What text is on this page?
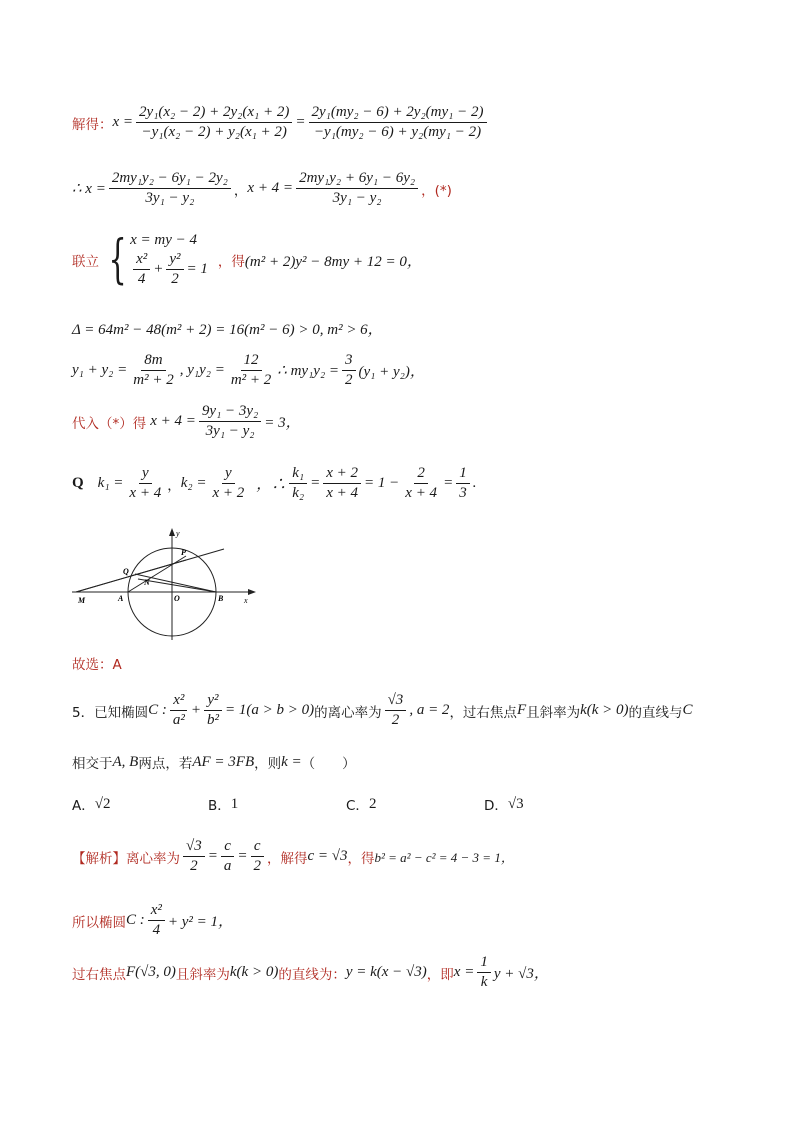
解得： $x = \frac{\text{2y₁(x₂ − 2) + 2y₂(x₁ + 2)}}{\text{−y₁(x₂ − 2) + y₂(x₁ + 2)}} = \frac{\text{2y₁(my₂ − 6) + 2y₂(my₁ − 2)}}{\text{−y₁(my₂ − 6) + y₂(my₁ − 2)}}$
∴ $x = \frac{\text{2my₁y₂ − 6y₁ − 2y₂}}{\text{3y₁ − y₂}}$ ， $x + 4 = \frac{\text{2my₁y₂ + 6y₁ − 6y₂}}{\text{3y₁ − y₂}}$ ，(*)
联立 { x = my − 4
$\frac{\text{x²}}{4} + \frac{\text{y²}}{2} = 1$ ，得 (m² + 2)y² − 8my + 12 = 0，
Δ = 64m² − 48(m² + 2) = 16(m² − 6) > 0, m² > 6，
$y_1 + y_2 = \frac{8m}{\text{m² + 2}}$ , $y_1y_2 = \frac{12}{\text{m² + 2}}$ ∴ $my_1y_2 = \frac{3}{2} (y_1 + y_2)$，
代入（*）得 $x + 4 = \frac{\text{9y₁ − 3y₂}}{\text{3y₁ − y₂}} = 3$，
Q $k_1 = \frac{y}{x + 4}$ ， $k_2 = \frac{y}{x + 2}$ ，∴ $\frac{\text{k₁}}{\text{k₂}} = \frac{x + 2}{x + 4} = 1 - \frac{2}{x + 4} = \frac{1}{3}$ .
y
x
P
Q
N
M	A	O	B
故选：A
5．已知椭圆 C : $\frac{\text{x²}}{\text{a²}} + \frac{\text{y²}}{\text{b²}} = 1(a > b > 0)$ 的离心率为 $\frac{√3}{2}$ , a = 2 ，过右焦点 F 且斜率为 k(k > 0) 的直线与 C
相交于 A, B 两点，若 AF = 3FB ，则 k = （　　）
A． √2	B． 1	C． 2	D． √3
【解析】 离心率为 $\frac{√3}{2} = \frac{c}{a} = \frac{c}{2}$ ，解得 c = √3 ，得 b² = a² − c² = 4 − 3 = 1，
所以椭圆 C : $\frac{\text{x²}}{4} + y^2 = 1$，
过右焦点 F(√3, 0) 且斜率为 k(k > 0) 的直线为： y = k(x − √3) ，即 $x = \frac{1}{k}$ y + √3，
